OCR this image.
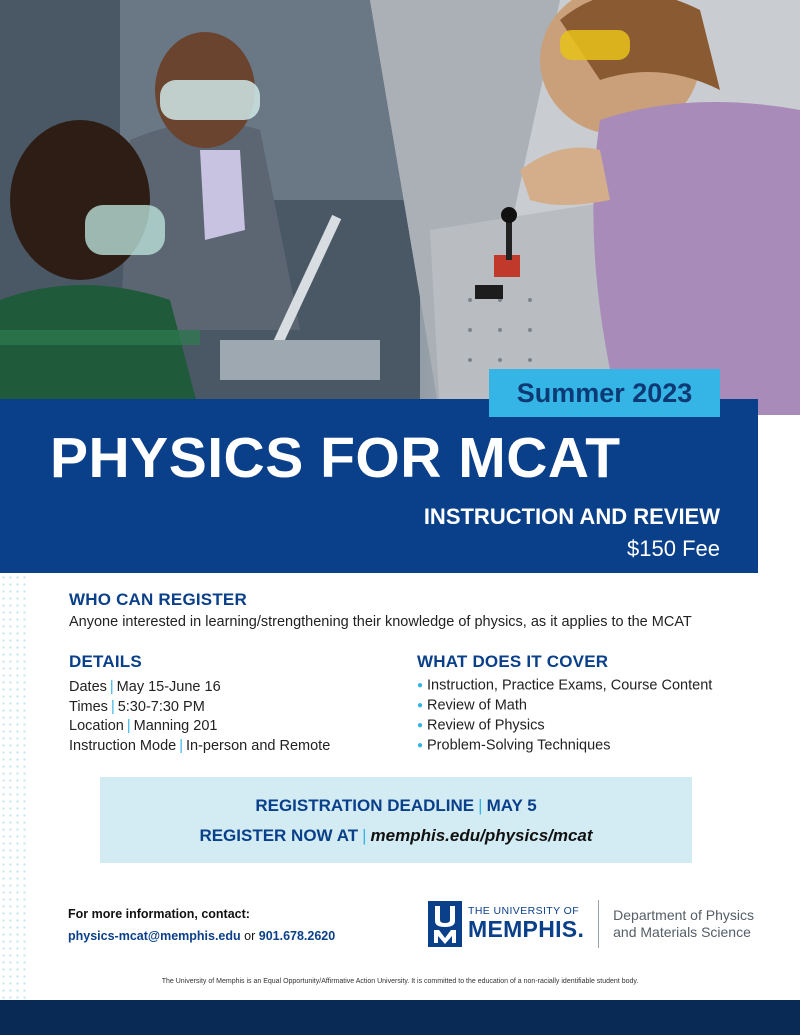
Summer 2023
PHYSICS FOR MCAT
INSTRUCTION AND REVIEW
$150 Fee
WHO CAN REGISTER

Anyone interested in learning/strengthening their knowledge of physics, as it applies to the MCAT

DETAILS
Dates | May 15-June 16
Times | 5:30-7:30 PM
Location | Manning 201
Instruction Mode | In-person and Remote
WHAT DOES IT COVER
● Instruction, Practice Exams, Course Content
● Review of Math
● Review of Physics
● Problem-Solving Techniques
REGISTRATION DEADLINE | MAY 5
REGISTER NOW AT | memphis.edu/physics/mcat
For more information, contact:
physics-mcat@memphis.edu or 901.678.2620
THE UNIVERSITY OF
MEMPHIS.
Department of Physics
and Materials Science
The University of Memphis is an Equal Opportunity/Affirmative Action University. It is committed to the education of a non-racially identifiable student body.
